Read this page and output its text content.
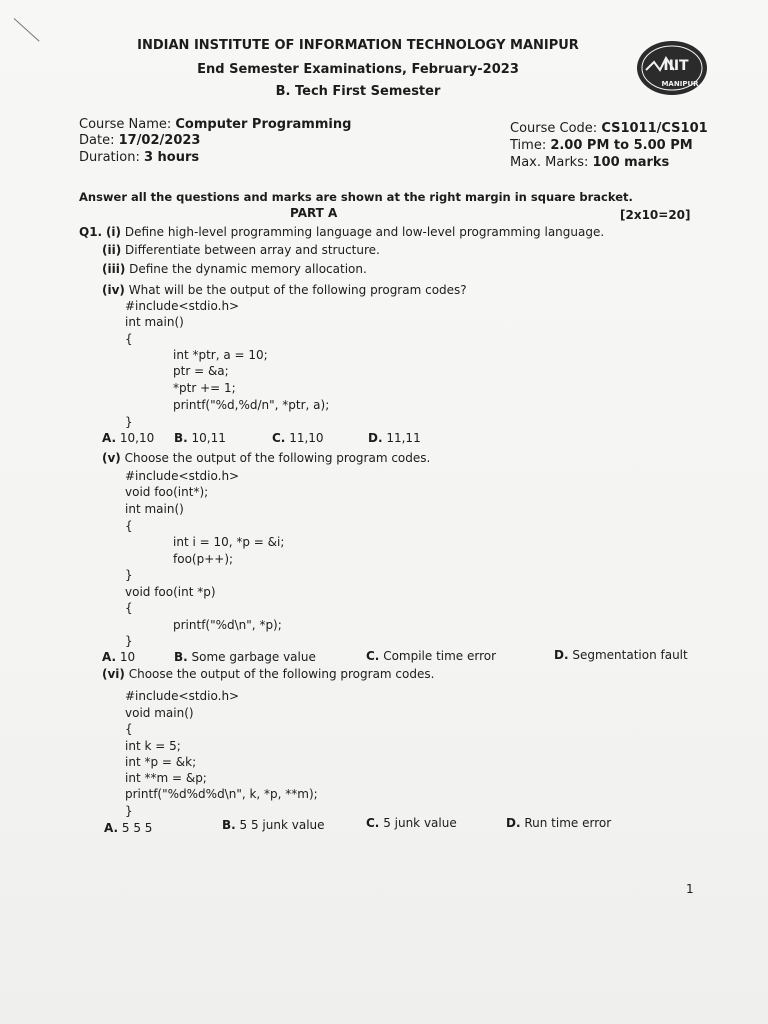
INDIAN INSTITUTE OF INFORMATION TECHNOLOGY MANIPUR
End Semester Examinations, February-2023
B. Tech First Semester
IIIT
MANIPUR
Course Name: Computer Programming
Date: 17/02/2023
Duration: 3 hours
Course Code: CS1011/CS101
Time: 2.00 PM to 5.00 PM
Max. Marks: 100 marks
Answer all the questions and marks are shown at the right margin in square bracket.
PART A	[2x10=20]
Q1. (i) Define high-level programming language and low-level programming language.
(ii) Differentiate between array and structure.
(iii) Define the dynamic memory allocation.
(iv) What will be the output of the following program codes?
#include<stdio.h>
int main()
{
int *ptr, a = 10;
ptr = &a;
*ptr += 1;
printf("%d,%d/n", *ptr, a);
}
A. 10,10 B. 10,11	C. 11,10	D. 11,11
(v) Choose the output of the following program codes.
#include<stdio.h>
void foo(int*);
int main()
{
int i = 10, *p = &i;
foo(p++);
}
void foo(int *p)
{
printf("%d\n", *p);
}
A. 10	B. Some garbage value	C. Compile time error	D. Segmentation fault
(vi) Choose the output of the following program codes.
#include<stdio.h>
void main()
{
int k = 5;
int *p = &k;
int **m = &p;
printf("%d%d%d\n", k, *p, **m);
}
A. 5 5 5	B. 5 5 junk value	C. 5 junk value	D. Run time error
1
